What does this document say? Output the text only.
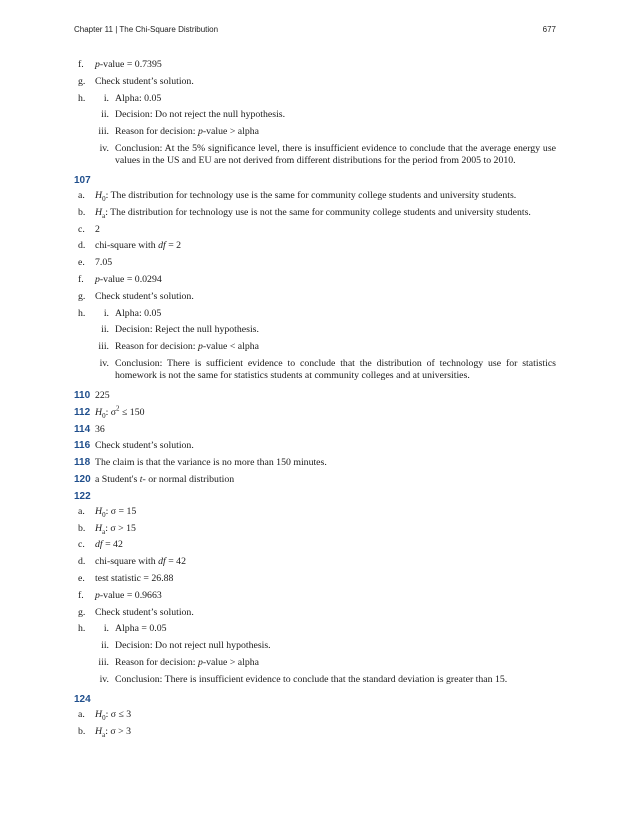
Chapter 11 | The Chi-Square Distribution	677
f.	p-value = 0.7395
g. Check student’s solution.
h.	i. Alpha: 0.05
ii. Decision: Do not reject the null hypothesis.
iii. Reason for decision: p-value > alpha
iv. Conclusion: At the 5% significance level, there is insufficient evidence to conclude that the average energy use values in the US and EU are not derived from different distributions for the period from 2005 to 2010.
107
a.	$H_0$: The distribution for technology use is the same for community college students and university students.
b. $H_a$: The distribution for technology use is not the same for community college students and university students.
c.	2
d. chi-square with df = 2
e.	7.05
f.	p-value = 0.0294
g. Check student’s solution.
h.	i. Alpha: 0.05
ii. Decision: Reject the null hypothesis.
iii. Reason for decision: p-value < alpha
iv. Conclusion: There is sufficient evidence to conclude that the distribution of technology use for statistics homework is not the same for statistics students at community colleges and at universities.
110 225
112 $H_0$: $\sigma^2 \le 150$
114 36
116 Check student’s solution.
118 The claim is that the variance is no more than 150 minutes.
120 a Student's t- or normal distribution
122
a.	$H_0$: σ = 15
b. $H_a$: σ > 15
c.	df = 42
d. chi-square with df = 42
e.	test statistic = 26.88
f.	p-value = 0.9663
g. Check student’s solution.
h.	i. Alpha = 0.05
ii. Decision: Do not reject null hypothesis.
iii. Reason for decision: p-value > alpha
iv. Conclusion: There is insufficient evidence to conclude that the standard deviation is greater than 15.
124
a.	$H_0$: σ ≤ 3
b. $H_a$: σ > 3
